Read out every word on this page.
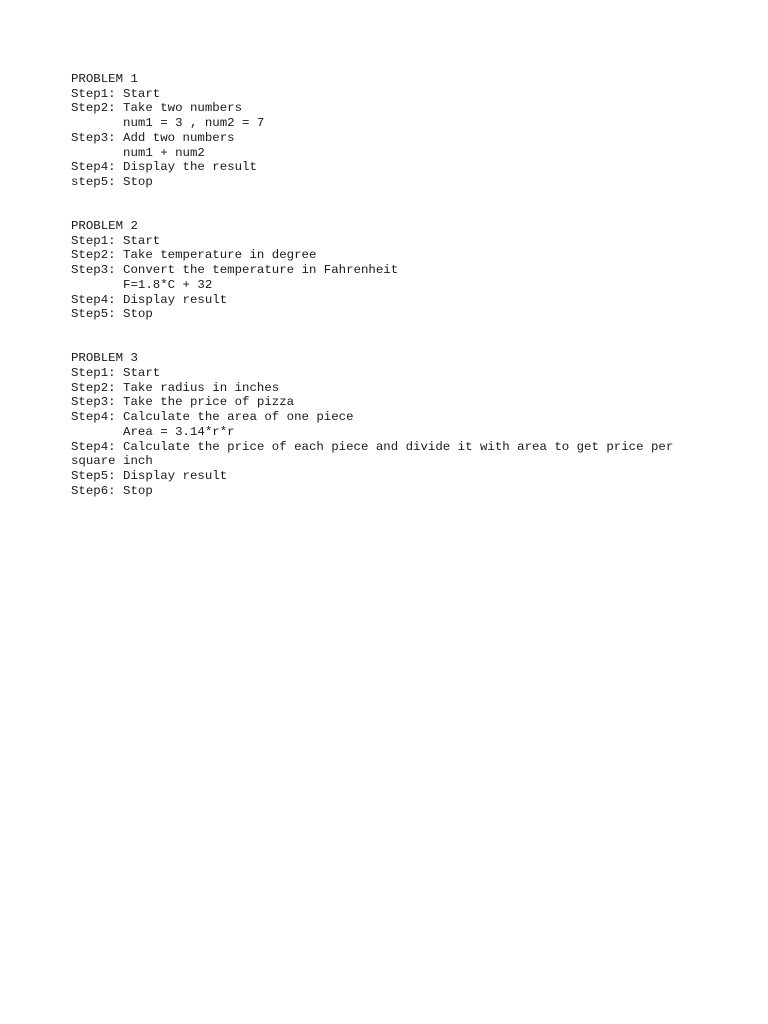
PROBLEM 1
Step1: Start
Step2: Take two numbers
num1 = 3 , num2 = 7
Step3: Add two numbers
num1 + num2
Step4: Display the result
step5: Stop
PROBLEM 2
Step1: Start
Step2: Take temperature in degree
Step3: Convert the temperature in Fahrenheit
F=1.8*C + 32
Step4: Display result
Step5: Stop
PROBLEM 3
Step1: Start
Step2: Take radius in inches
Step3: Take the price of pizza
Step4: Calculate the area of one piece
Area = 3.14*r*r
Step4: Calculate the price of each piece and divide it with area to get price per square inch
Step5: Display result
Step6: Stop
